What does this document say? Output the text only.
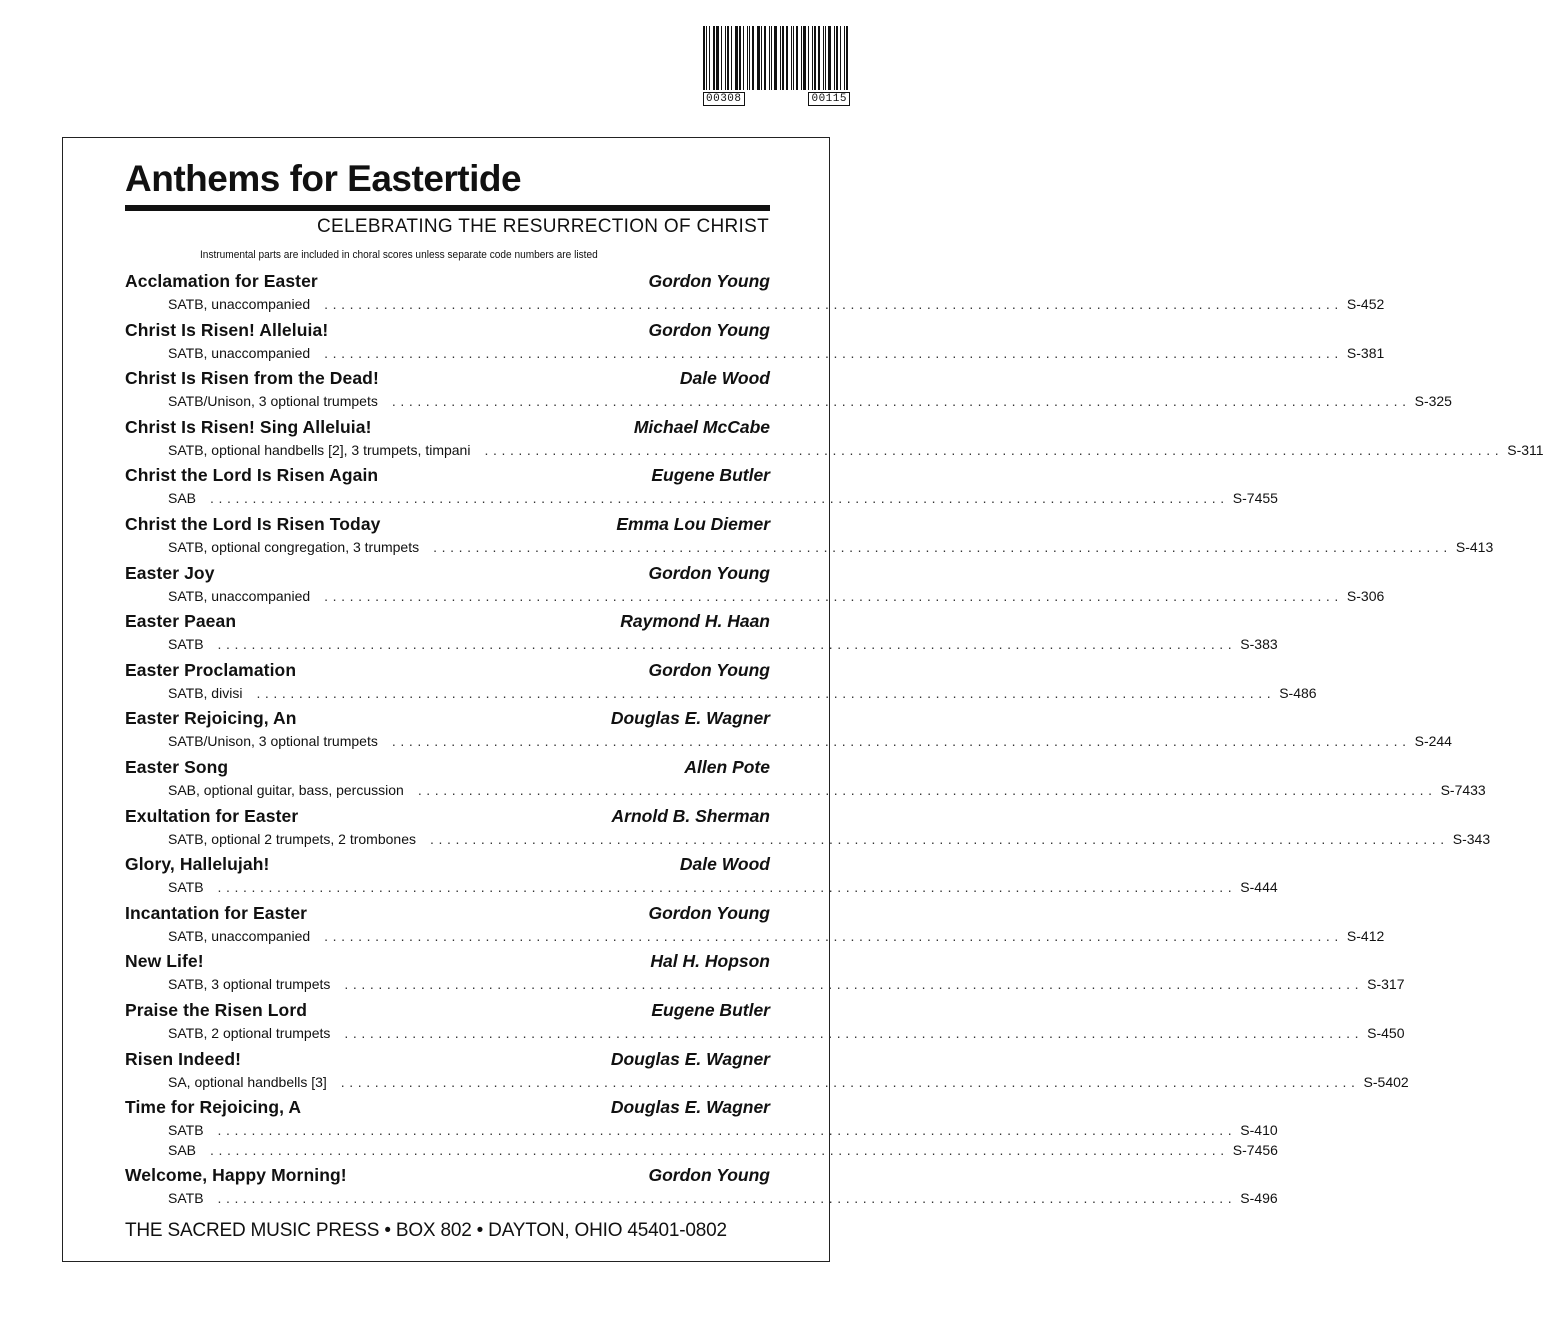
00308	00115
Anthems for Eastertide
CELEBRATING THE RESURRECTION OF CHRIST
Instrumental parts are included in choral scores unless separate code numbers are listed
Acclamation for Easter	Gordon Young
SATB, unaccompanied ........................................................................................................................ S-452
Christ Is Risen! Alleluia!	Gordon Young
SATB, unaccompanied ........................................................................................................................ S-381
Christ Is Risen from the Dead!	Dale Wood
SATB/Unison, 3 optional trumpets ........................................................................................................................ S-325
Christ Is Risen! Sing Alleluia!	Michael McCabe
SATB, optional handbells [2], 3 trumpets, timpani ........................................................................................................................ S-311
Christ the Lord Is Risen Again	Eugene Butler
SAB ........................................................................................................................ S-7455
Christ the Lord Is Risen Today	Emma Lou Diemer
SATB, optional congregation, 3 trumpets ........................................................................................................................ S-413
Easter Joy	Gordon Young
SATB, unaccompanied ........................................................................................................................ S-306
Easter Paean	Raymond H. Haan
SATB ........................................................................................................................ S-383
Easter Proclamation	Gordon Young
SATB, divisi ........................................................................................................................ S-486
Easter Rejoicing, An	Douglas E. Wagner
SATB/Unison, 3 optional trumpets ........................................................................................................................ S-244
Easter Song	Allen Pote
SAB, optional guitar, bass, percussion ........................................................................................................................ S-7433
Exultation for Easter	Arnold B. Sherman
SATB, optional 2 trumpets, 2 trombones ........................................................................................................................ S-343
Glory, Hallelujah!	Dale Wood
SATB ........................................................................................................................ S-444
Incantation for Easter	Gordon Young
SATB, unaccompanied ........................................................................................................................ S-412
New Life!	Hal H. Hopson
SATB, 3 optional trumpets ........................................................................................................................ S-317
Praise the Risen Lord	Eugene Butler
SATB, 2 optional trumpets ........................................................................................................................ S-450
Risen Indeed!	Douglas E. Wagner
SA, optional handbells [3] ........................................................................................................................ S-5402
Time for Rejoicing, A	Douglas E. Wagner
SATB ........................................................................................................................ S-410
SAB ........................................................................................................................ S-7456
Welcome, Happy Morning!	Gordon Young
SATB ........................................................................................................................ S-496
THE SACRED MUSIC PRESS • BOX 802 • DAYTON, OHIO 45401-0802
